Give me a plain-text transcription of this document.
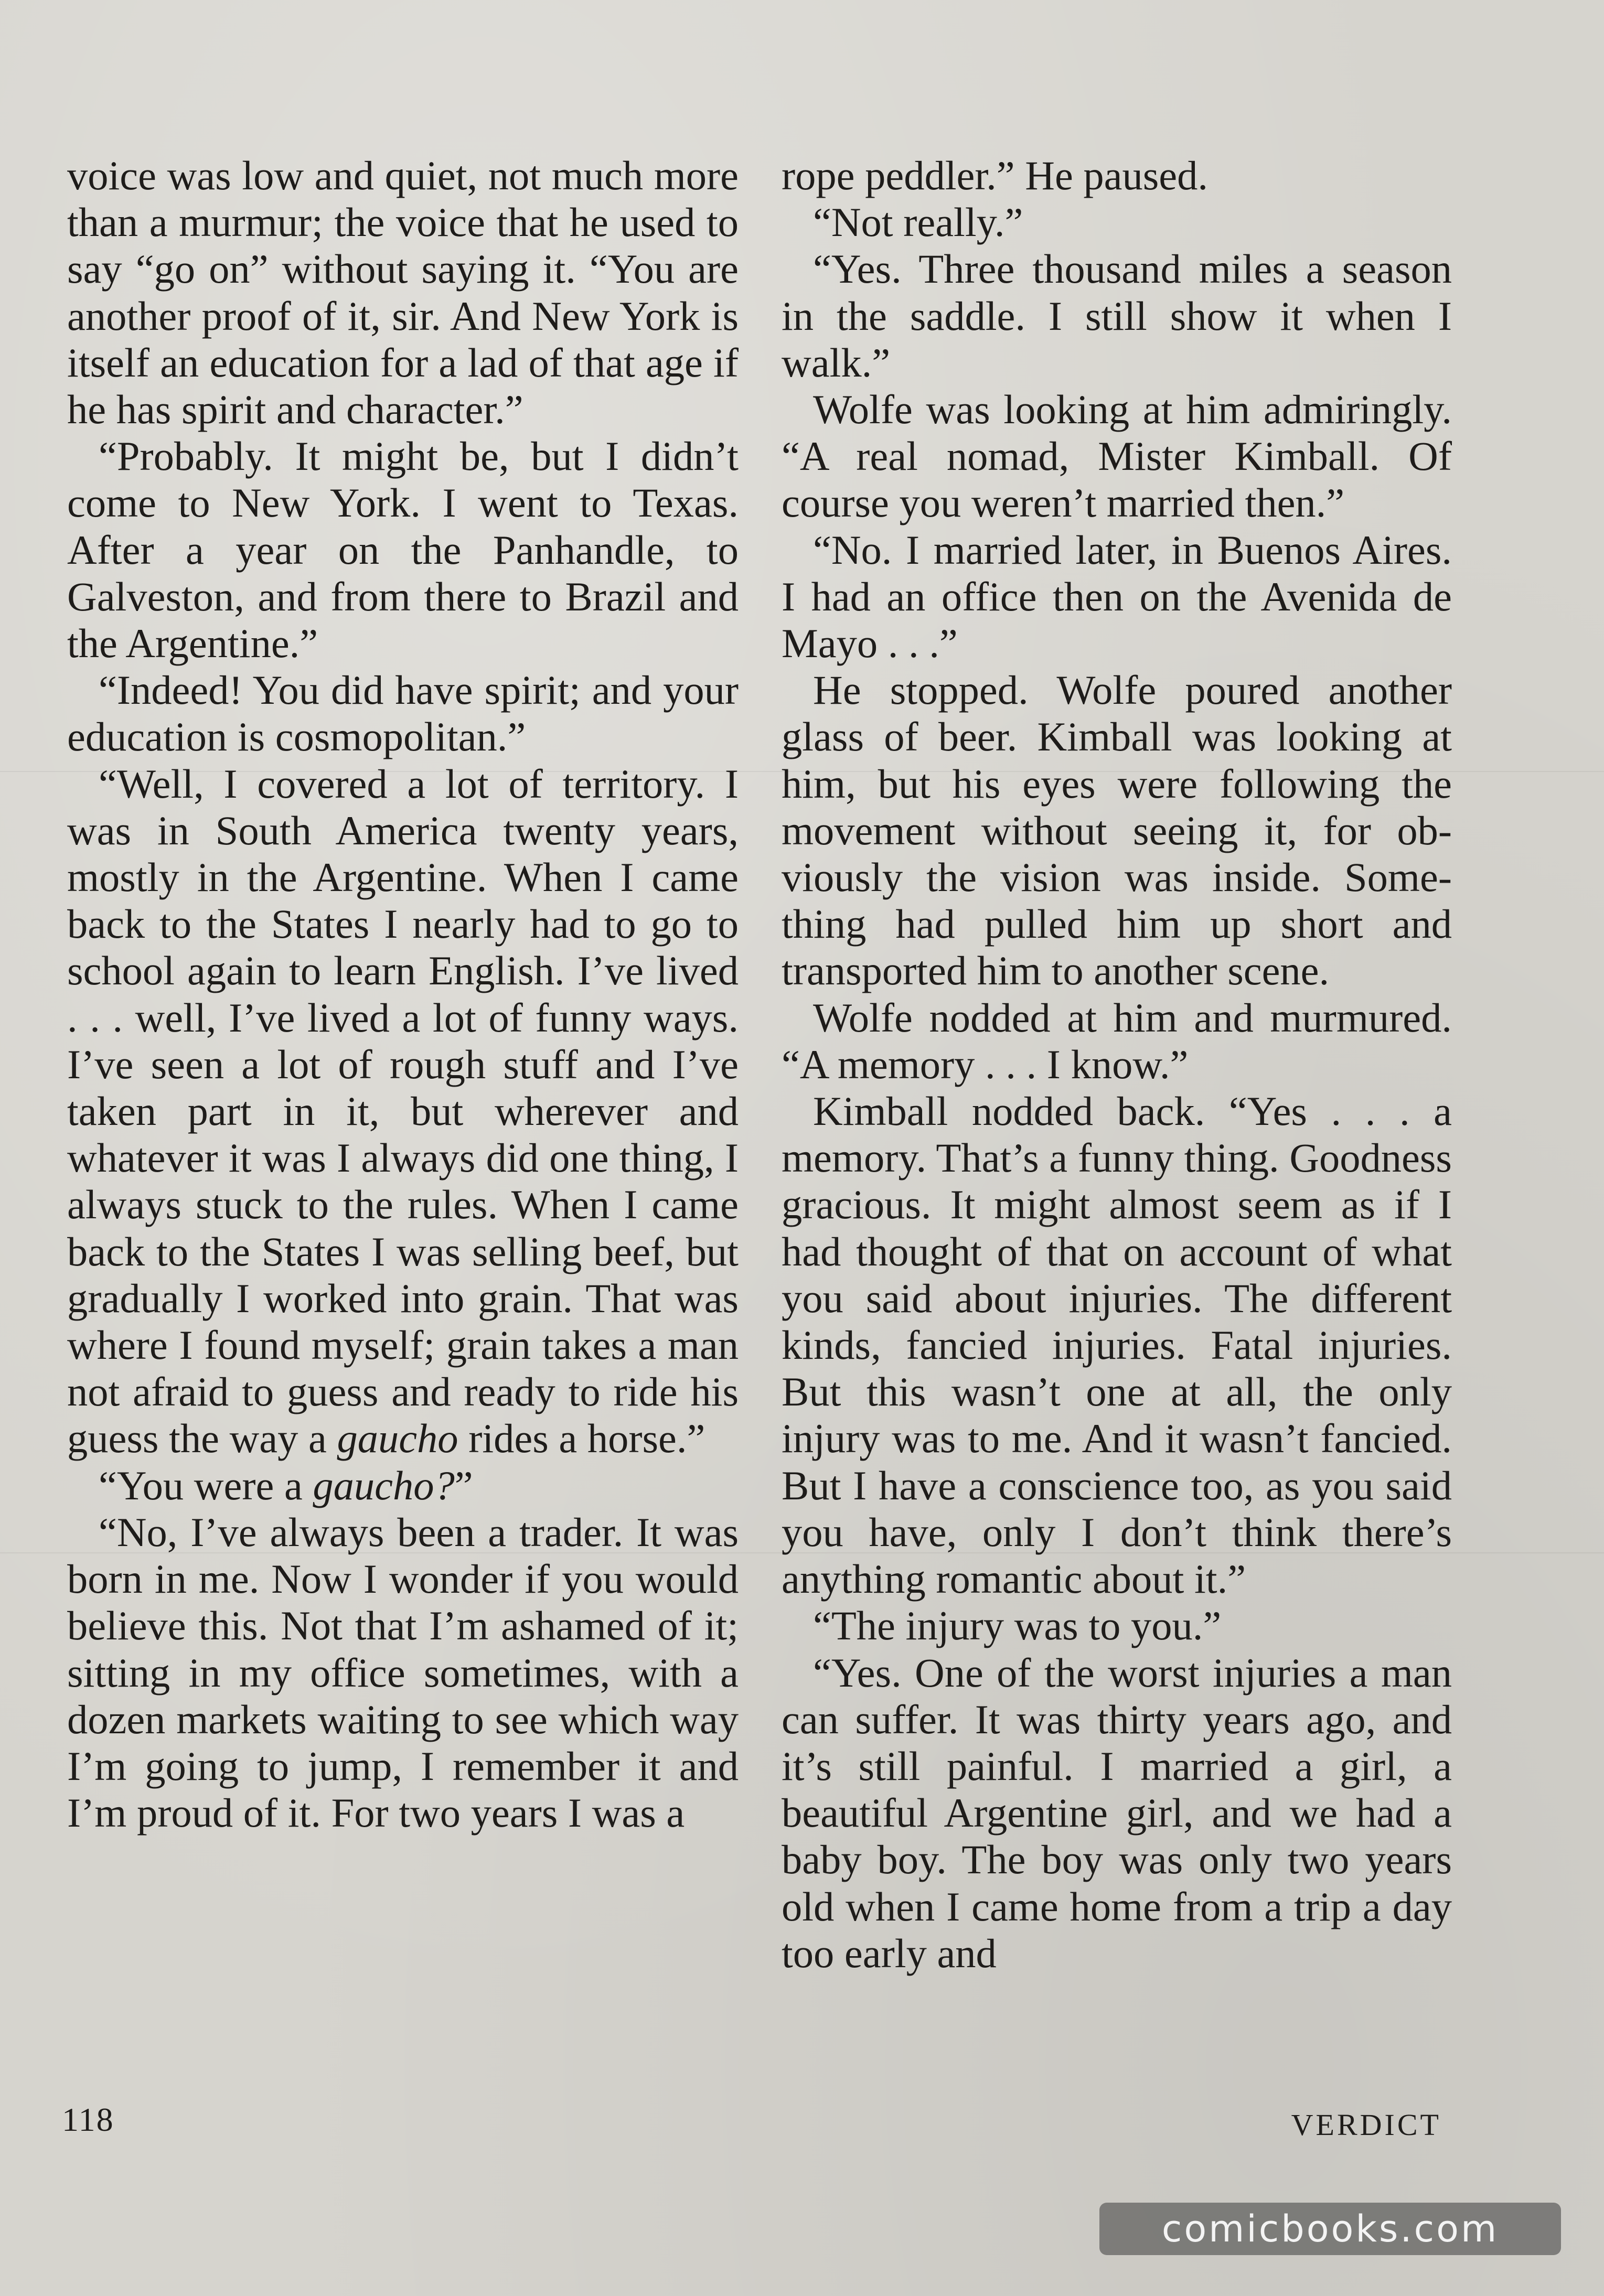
voice was low and quiet, not much more than a murmur; the voice that he used to say “go on” without saying it. “You are another proof of it, sir. And New York is itself an education for a lad of that age if he has spirit and character.”

“Probably. It might be, but I didn’t come to New York. I went to Texas. After a year on the Panhandle, to Galveston, and from there to Brazil and the Argentine.”

“Indeed! You did have spirit; and your education is cosmopolitan.”

“Well, I covered a lot of territory. I was in South America twenty years, mostly in the Argentine. When I came back to the States I nearly had to go to school again to learn English. I’ve lived . . . well, I’ve lived a lot of funny ways. I’ve seen a lot of rough stuff and I’ve taken part in it, but wherever and whatever it was I always did one thing, I always stuck to the rules. When I came back to the States I was selling beef, but gradually I worked into grain. That was where I found myself; grain takes a man not afraid to guess and ready to ride his guess the way a gaucho rides a horse.”

“You were a gaucho?”

“No, I’ve always been a trader. It was born in me. Now I wonder if you would believe this. Not that I’m ashamed of it; sitting in my office sometimes, with a dozen markets waiting to see which way I’m going to jump, I remember it and I’m proud of it. For two years I was a

rope peddler.” He paused.

“Not really.”

“Yes. Three thousand miles a season in the saddle. I still show it when I walk.”

Wolfe was looking at him admiringly. “A real nomad, Mister Kimball. Of course you weren’t married then.”

“No. I married later, in Buenos Aires. I had an office then on the Avenida de Mayo . . .”

He stopped. Wolfe poured another glass of beer. Kimball was looking at him, but his eyes were following the movement without seeing it, for obviously the vision was inside. Something had pulled him up short and transported him to another scene.

Wolfe nodded at him and murmured. “A memory . . . I know.”

Kimball nodded back. “Yes . . . a memory. That’s a funny thing. Goodness gracious. It might almost seem as if I had thought of that on account of what you said about injuries. The different kinds, fancied injuries. Fatal injuries. But this wasn’t one at all, the only injury was to me. And it wasn’t fancied. But I have a conscience too, as you said you have, only I don’t think there’s anything romantic about it.”

“The injury was to you.”

“Yes. One of the worst injuries a man can suffer. It was thirty years ago, and it’s still painful. I married a girl, a beautiful Argentine girl, and we had a baby boy. The boy was only two years old when I came home from a trip a day too early and

118	VERDICT
comicbooks.com
